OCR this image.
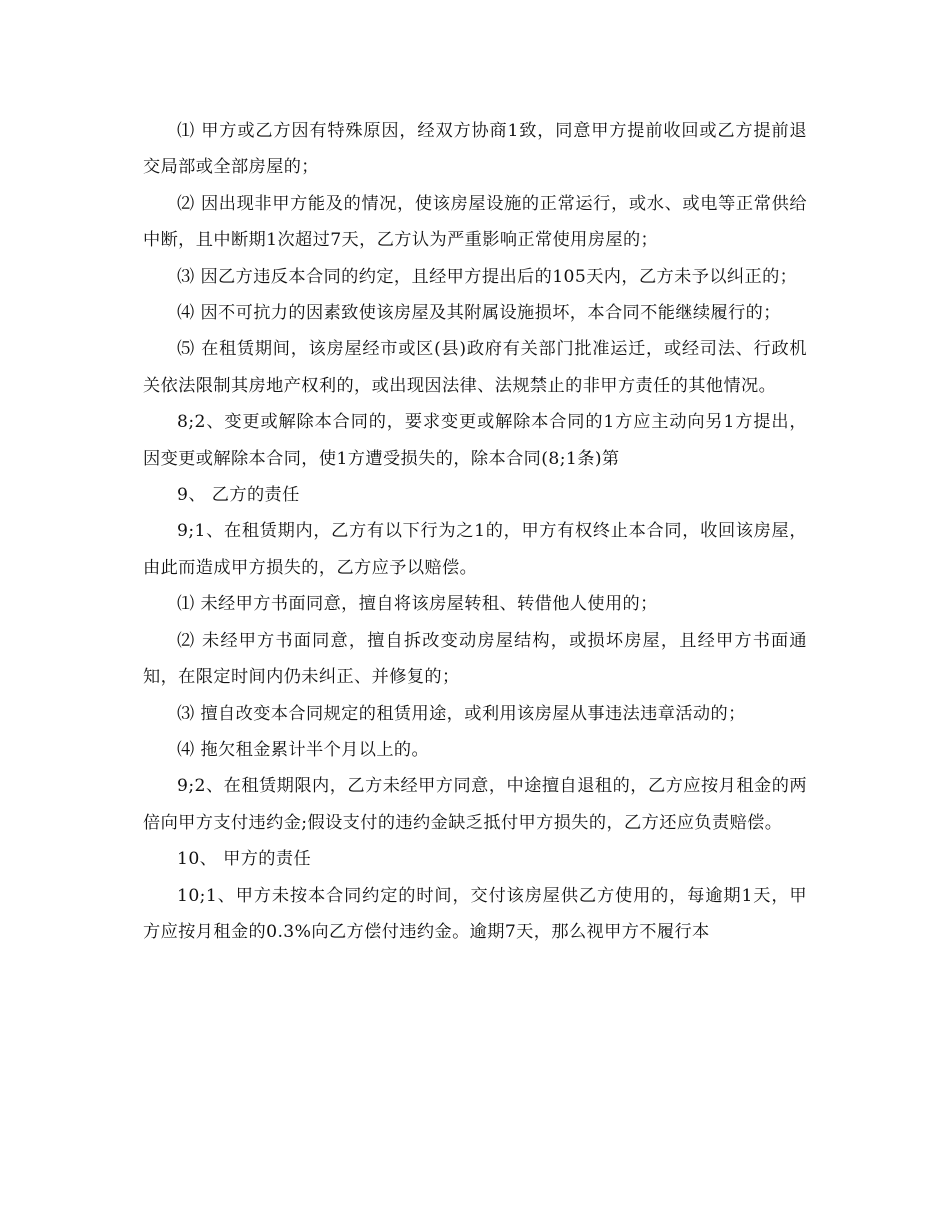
⑴ 甲方或乙方因有特殊原因，经双方协商1致，同意甲方提前收回或乙方提前退交局部或全部房屋的；

⑵ 因出现非甲方能及的情况，使该房屋设施的正常运行，或水、或电等正常供给中断，且中断期1次超过7天，乙方认为严重影响正常使用房屋的；

⑶ 因乙方违反本合同的约定，且经甲方提出后的105天内，乙方未予以纠正的；

⑷ 因不可抗力的因素致使该房屋及其附属设施损坏，本合同不能继续履行的；

⑸ 在租赁期间，该房屋经市或区(县)政府有关部门批准运迁，或经司法、行政机关依法限制其房地产权利的，或出现因法律、法规禁止的非甲方责任的其他情况。

8;2、变更或解除本合同的，要求变更或解除本合同的1方应主动向另1方提出，因变更或解除本合同，使1方遭受损失的，除本合同(8;1条)第

9、 乙方的责任

9;1、在租赁期内，乙方有以下行为之1的，甲方有权终止本合同，收回该房屋，由此而造成甲方损失的，乙方应予以赔偿。

⑴ 未经甲方书面同意，擅自将该房屋转租、转借他人使用的；

⑵ 未经甲方书面同意，擅自拆改变动房屋结构，或损坏房屋，且经甲方书面通知，在限定时间内仍未纠正、并修复的；

⑶ 擅自改变本合同规定的租赁用途，或利用该房屋从事违法违章活动的；

⑷ 拖欠租金累计半个月以上的。

9;2、在租赁期限内，乙方未经甲方同意，中途擅自退租的，乙方应按月租金的两倍向甲方支付违约金;假设支付的违约金缺乏抵付甲方损失的，乙方还应负责赔偿。

10、 甲方的责任

10;1、甲方未按本合同约定的时间，交付该房屋供乙方使用的，每逾期1天，甲方应按月租金的0.3%向乙方偿付违约金。逾期7天，那么视甲方不履行本
